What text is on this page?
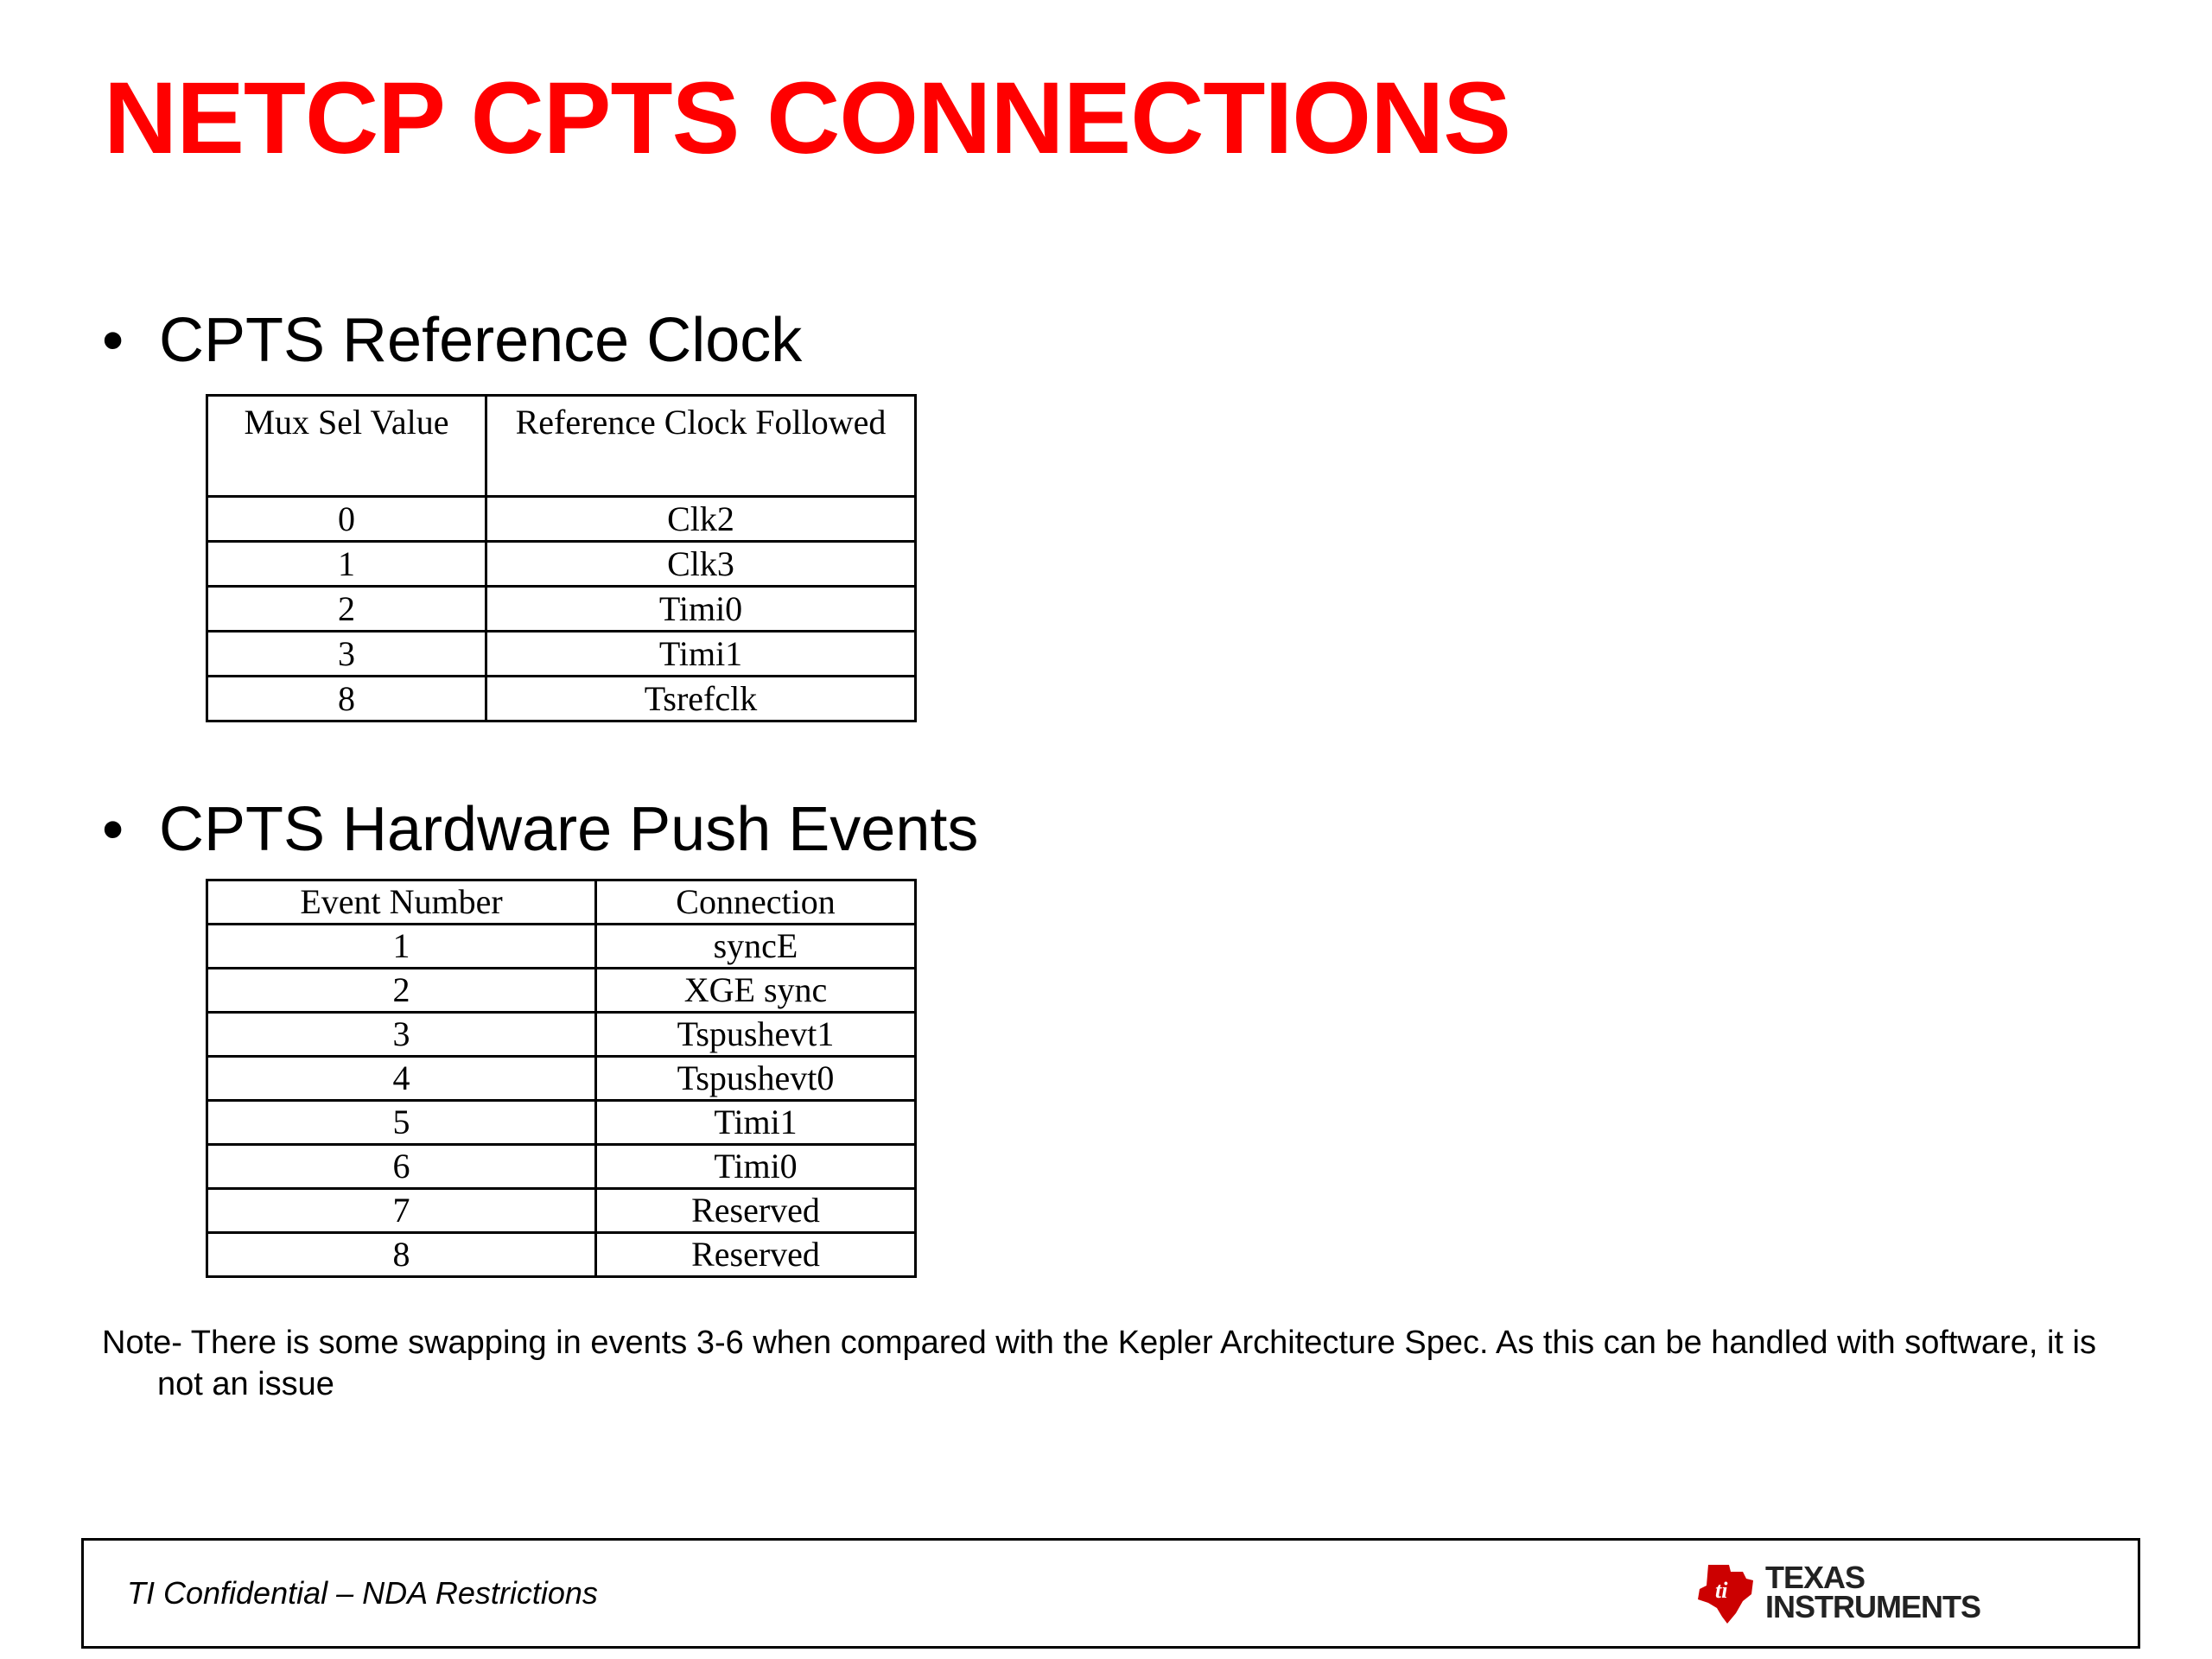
NETCP CPTS CONNECTIONS
• CPTS Reference Clock
Mux Sel Value	Reference Clock Followed
0	Clk2
1	Clk3
2	Timi0
3	Timi1
8	Tsrefclk
• CPTS Hardware Push Events
Event Number	Connection
1	syncE
2	XGE sync
3	Tspushevt1
4	Tspushevt0
5	Timi1
6	Timi0
7	Reserved
8	Reserved
Note- There is some swapping in events 3-6 when compared with the Kepler Architecture Spec. As this can be handled with software, it is not an issue
TI Confidential – NDA Restrictions	ti TEXAS
INSTRUMENTS
